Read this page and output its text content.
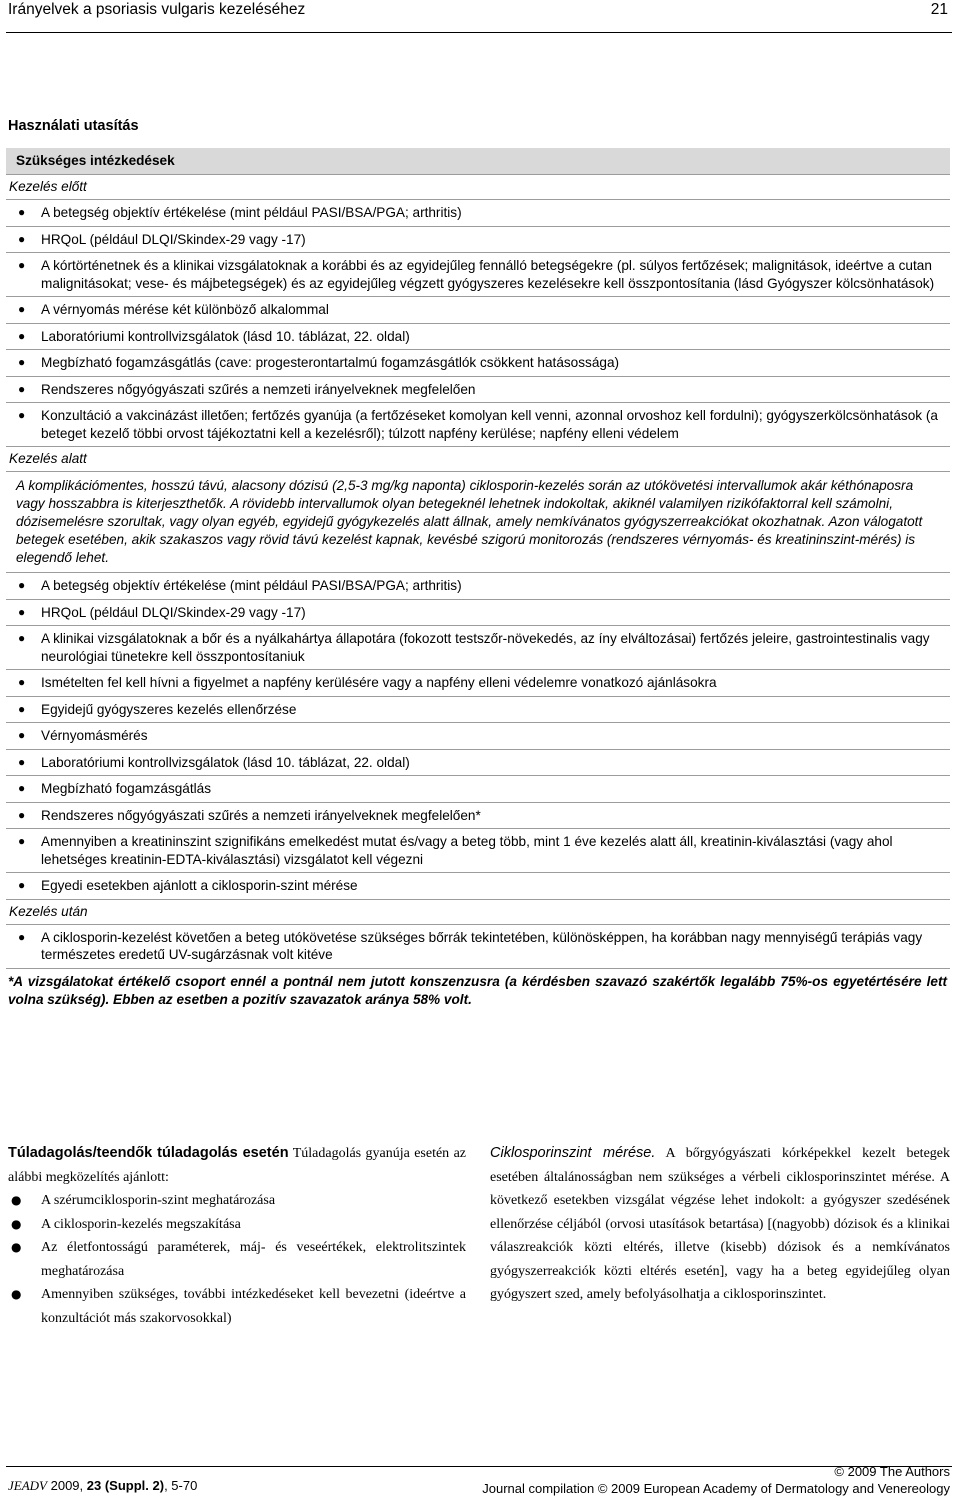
Irányelvek a psoriasis vulgaris kezeléséhez	21
Használati utasítás
Szükséges intézkedések
Kezelés előtt
● A betegség objektív értékelése (mint például PASI/BSA/PGA; arthritis)
● HRQoL (például DLQI/Skindex-29 vagy -17)
● A kórtörténetnek és a klinikai vizsgálatoknak a korábbi és az egyidejűleg fennálló betegségekre (pl. súlyos fertőzések; malignitások, ideértve a cutan malignitásokat; vese- és májbetegségek) és az egyidejűleg végzett gyógyszeres kezelésekre kell összpontosítania (lásd Gyógyszer kölcsönhatások)
● A vérnyomás mérése két különböző alkalommal
● Laboratóriumi kontrollvizsgálatok (lásd 10. táblázat, 22. oldal)
● Megbízható fogamzásgátlás (cave: progesterontartalmú fogamzásgátlók csökkent hatásossága)
● Rendszeres nőgyógyászati szűrés a nemzeti irányelveknek megfelelően
● Konzultáció a vakcinázást illetően; fertőzés gyanúja (a fertőzéseket komolyan kell venni, azonnal orvoshoz kell fordulni); gyógyszerkölcsönhatások (a beteget kezelő többi orvost tájékoztatni kell a kezelésről); túlzott napfény kerülése; napfény elleni védelem
Kezelés alatt
A komplikációmentes, hosszú távú, alacsony dózisú (2,5-3 mg/kg naponta) ciklosporin-kezelés során az utókövetési intervallumok akár kéthónaposra vagy hosszabbra is kiterjeszthetők. A rövidebb intervallumok olyan betegeknél lehetnek indokoltak, akiknél valamilyen rizikófaktorral kell számolni, dózisemelésre szorultak, vagy olyan egyéb, egyidejű gyógykezelés alatt állnak, amely nemkívánatos gyógyszerreakciókat okozhatnak. Azon válogatott betegek esetében, akik szakaszos vagy rövid távú kezelést kapnak, kevésbé szigorú monitorozás (rendszeres vérnyomás- és kreatininszint-mérés) is elegendő lehet.
● A betegség objektív értékelése (mint például PASI/BSA/PGA; arthritis)
● HRQoL (például DLQI/Skindex-29 vagy -17)
● A klinikai vizsgálatoknak a bőr és a nyálkahártya állapotára (fokozott testszőr-növekedés, az íny elváltozásai) fertőzés jeleire, gastrointestinalis vagy neurológiai tünetekre kell összpontosítaniuk
● Ismételten fel kell hívni a figyelmet a napfény kerülésére vagy a napfény elleni védelemre vonatkozó ajánlásokra
● Egyidejű gyógyszeres kezelés ellenőrzése
● Vérnyomásmérés
● Laboratóriumi kontrollvizsgálatok (lásd 10. táblázat, 22. oldal)
● Megbízható fogamzásgátlás
● Rendszeres nőgyógyászati szűrés a nemzeti irányelveknek megfelelően*
● Amennyiben a kreatininszint szignifikáns emelkedést mutat és/vagy a beteg több, mint 1 éve kezelés alatt áll, kreatinin-kiválasztási (vagy ahol lehetséges kreatinin-EDTA-kiválasztási) vizsgálatot kell végezni
● Egyedi esetekben ajánlott a ciklosporin-szint mérése
Kezelés után
● A ciklosporin-kezelést követően a beteg utókövetése szükséges bőrrák tekintetében, különösképpen, ha korábban nagy mennyiségű terápiás vagy természetes eredetű UV-sugárzásnak volt kitéve
*A vizsgálatokat értékelő csoport ennél a pontnál nem jutott konszenzusra (a kérdésben szavazó szakértők legalább 75%-os egyetértésére lett volna szükség). Ebben az esetben a pozitív szavazatok aránya 58% volt.
Túladagolás/teendők túladagolás esetén Túladagolás gyanúja esetén az alábbi megközelítés ajánlott:
● A szérumciklosporin-szint meghatározása
● A ciklosporin-kezelés megszakítása
● Az életfontosságú paraméterek, máj- és veseértékek, elektrolitszintek meghatározása
● Amennyiben szükséges, további intézkedéseket kell bevezetni (ideértve a konzultációt más szakorvosokkal)
Ciklosporinszint mérése. A bőrgyógyászati kórképekkel kezelt betegek esetében általánosságban nem szükséges a vérbeli ciklosporinszintet mérése. A következő esetekben vizsgálat végzése lehet indokolt: a gyógyszer szedésének ellenőrzése céljából (orvosi utasítások betartása) [(nagyobb) dózisok és a klinikai válaszreakciók közti eltérés, illetve (kisebb) dózisok és a nemkívánatos gyógyszerreakciók közti eltérés esetén], vagy ha a beteg egyidejűleg olyan gyógyszert szed, amely befolyásolhatja a ciklosporinszintet.
JEADV 2009, 23 (Suppl. 2), 5-70
© 2009 The Authors
Journal compilation © 2009 European Academy of Dermatology and Venereology
